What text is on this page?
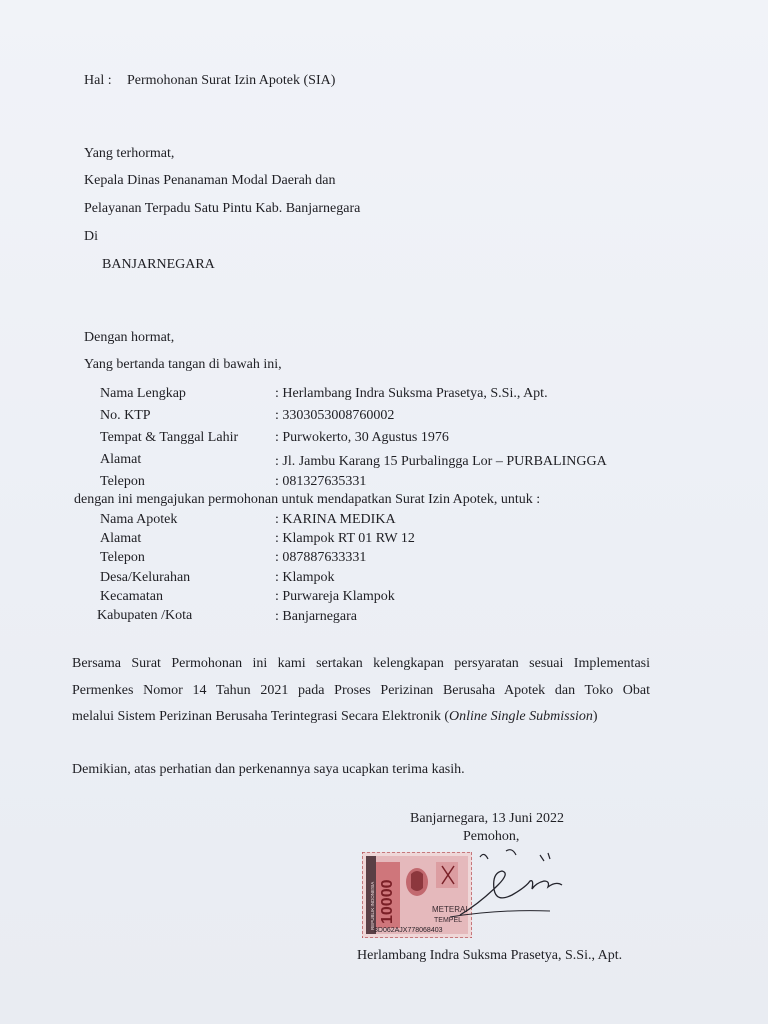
Hal : Permohonan Surat Izin Apotek (SIA)
Yang terhormat,
Kepala Dinas Penanaman Modal Daerah dan
Pelayanan Terpadu Satu Pintu Kab. Banjarnegara
Di
BANJARNEGARA
Dengan hormat,
Yang bertanda tangan di bawah ini,
Nama Lengkap	: Herlambang Indra Suksma Prasetya, S.Si., Apt.
No. KTP	: 3303053008760002
Tempat & Tanggal Lahir	: Purwokerto, 30 Agustus 1976
Alamat	: Jl. Jambu Karang 15 Purbalingga Lor – PURBALINGGA
Telepon	: 081327635331
dengan ini mengajukan permohonan untuk mendapatkan Surat Izin Apotek, untuk :
Nama Apotek	: KARINA MEDIKA
Alamat	: Klampok RT 01 RW 12
Telepon	: 087887633331
Desa/Kelurahan	: Klampok
Kecamatan	: Purwareja Klampok
Kabupaten /Kota	: Banjarnegara
Bersama Surat Permohonan ini kami sertakan kelengkapan persyaratan sesuai Implementasi
Permenkes Nomor 14 Tahun 2021 pada Proses Perizinan Berusaha Apotek dan Toko Obat
melalui Sistem Perizinan Berusaha Terintegrasi Secara Elektronik (Online Single Submission)
Demikian, atas perhatian dan perkenannya saya ucapkan terima kasih.
Banjarnegara, 13 Juni 2022
Pemohon,
10000
REPUBLIK INDONESIA	METERAI
TEMPEL
3D062AJX778068403
Herlambang Indra Suksma Prasetya, S.Si., Apt.
